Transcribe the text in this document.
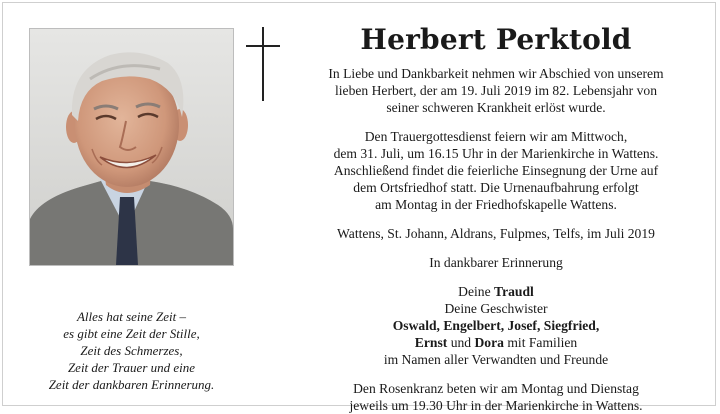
Alles hat seine Zeit –
es gibt eine Zeit der Stille,
Zeit des Schmerzes,
Zeit der Trauer und eine
Zeit der dankbaren Erinnerung.
Herbert Perktold
In Liebe und Dankbarkeit nehmen wir Abschied von unserem
lieben Herbert, der am 19. Juli 2019 im 82. Lebensjahr von
seiner schweren Krankheit erlöst wurde.
Den Trauergottesdienst feiern wir am Mittwoch,
dem 31. Juli, um 16.15 Uhr in der Marienkirche in Wattens.
Anschließend findet die feierliche Einsegnung der Urne auf
dem Ortsfriedhof statt. Die Urnenaufbahrung erfolgt
am Montag in der Friedhofskapelle Wattens.
Wattens, St. Johann, Aldrans, Fulpmes, Telfs, im Juli 2019
In dankbarer Erinnerung
Deine Traudl
Deine Geschwister
Oswald, Engelbert, Josef, Siegfried,
Ernst und Dora mit Familien
im Namen aller Verwandten und Freunde
Den Rosenkranz beten wir am Montag und Dienstag
jeweils um 19.30 Uhr in der Marienkirche in Wattens.
